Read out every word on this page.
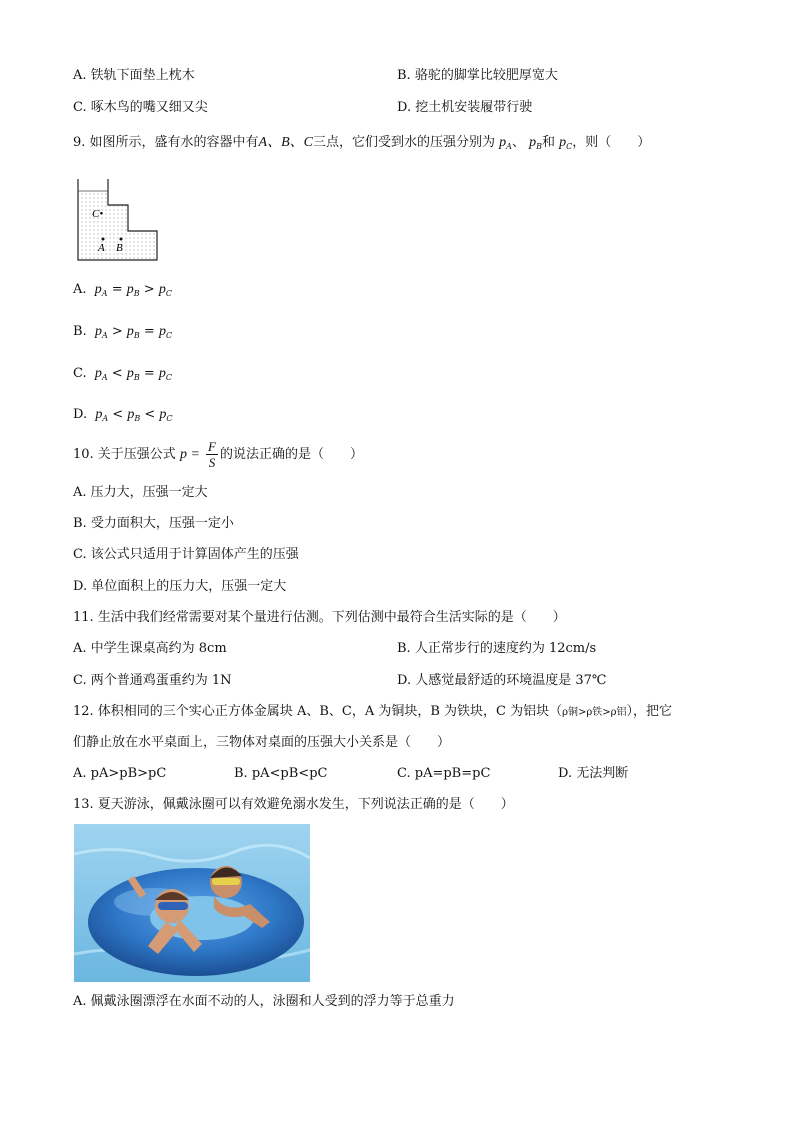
A. 铁轨下面垫上枕木	B. 骆驼的脚掌比较肥厚宽大
C. 啄木鸟的嘴又细又尖	D. 挖土机安装履带行驶
9. 如图所示，盛有水的容器中有A、B、C三点，它们受到水的压强分别为 $p_A$、 $p_B$和 $p_C$，则（　　）
C•
A B
A. $p_A = p_B > p_C$
B. $p_A > p_B = p_C$
C. $p_A < p_B = p_C$
D. $p_A < p_B < p_C$
10. 关于压强公式 $p = \frac{F}{S}$ 的说法正确的是（　　）
A. 压力大，压强一定大
B. 受力面积大，压强一定小
C. 该公式只适用于计算固体产生的压强
D. 单位面积上的压力大，压强一定大
11. 生活中我们经常需要对某个量进行估测。下列估测中最符合生活实际的是（　　）
A. 中学生课桌高约为 8cm	B. 人正常步行的速度约为 12cm/s
C. 两个普通鸡蛋重约为 1N	D. 人感觉最舒适的环境温度是 37℃
12. 体积相同的三个实心正方体金属块 A、B、C，A 为铜块，B 为铁块，C 为铝块（ρ铜>ρ铁>ρ铝），把它
们静止放在水平桌面上，三物体对桌面的压强大小关系是（　　）
A. pA>pB>pC	B. pA<pB<pC	C. pA=pB=pC	D. 无法判断
13. 夏天游泳，佩戴泳圈可以有效避免溺水发生，下列说法正确的是（　　）
A. 佩戴泳圈漂浮在水面不动的人，泳圈和人受到的浮力等于总重力
